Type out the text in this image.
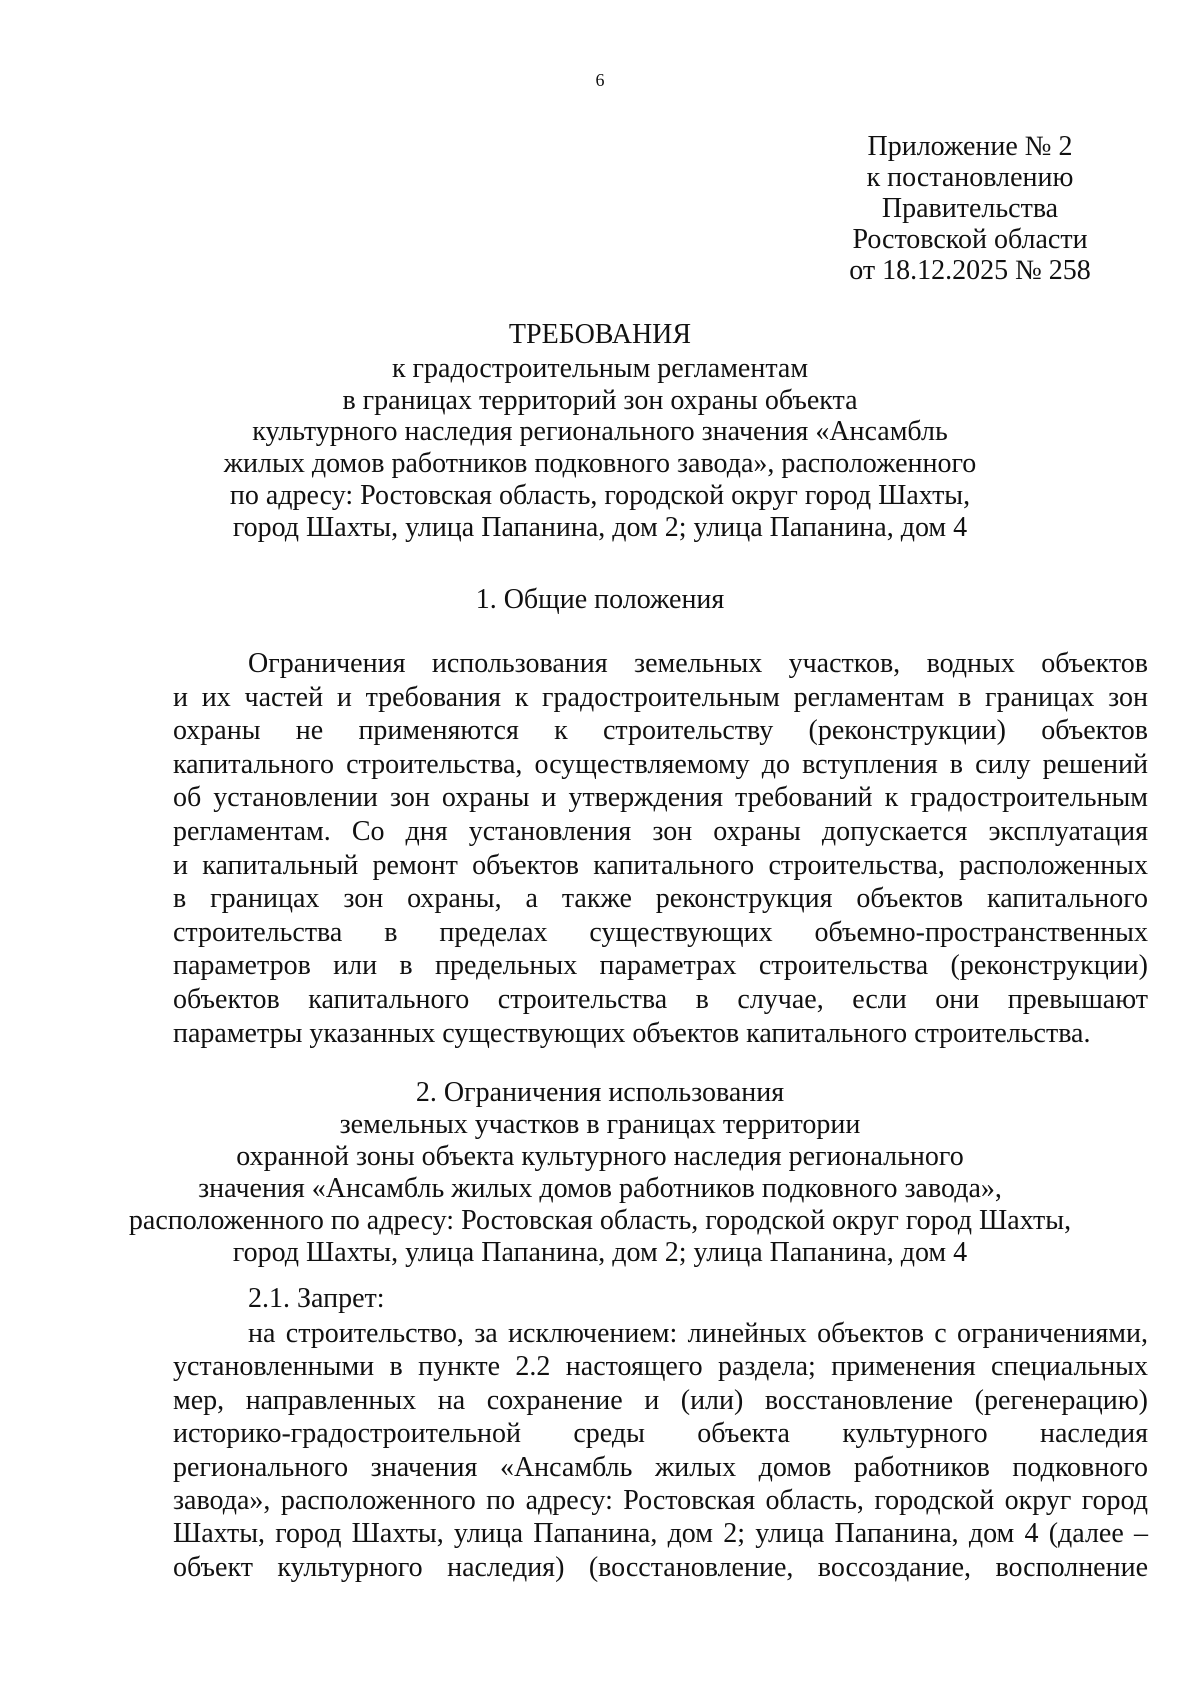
6
Приложение № 2
к постановлению
Правительства
Ростовской области
от 18.12.2025 № 258
ТРЕБОВАНИЯ
к градостроительным регламентам
в границах территорий зон охраны объекта
культурного наследия регионального значения «Ансамбль
жилых домов работников подковного завода», расположенного
по адресу: Ростовская область, городской округ город Шахты,
город Шахты, улица Папанина, дом 2; улица Папанина, дом 4
1. Общие положения
Ограничения использования земельных участков, водных объектов
и их частей и требования к градостроительным регламентам в границах зон
охраны не применяются к строительству (реконструкции) объектов
капитального строительства, осуществляемому до вступления в силу решений
об установлении зон охраны и утверждения требований к градостроительным
регламентам. Со дня установления зон охраны допускается эксплуатация
и капитальный ремонт объектов капитального строительства, расположенных
в границах зон охраны, а также реконструкция объектов капитального
строительства в пределах существующих объемно-пространственных
параметров или в предельных параметрах строительства (реконструкции)
объектов капитального строительства в случае, если они превышают
параметры указанных существующих объектов капитального строительства.
2. Ограничения использования
земельных участков в границах территории
охранной зоны объекта культурного наследия регионального
значения «Ансамбль жилых домов работников подковного завода»,
расположенного по адресу: Ростовская область, городской округ город Шахты,
город Шахты, улица Папанина, дом 2; улица Папанина, дом 4
2.1. Запрет:
на строительство, за исключением: линейных объектов с ограничениями,
установленными в пункте 2.2 настоящего раздела; применения специальных
мер, направленных на сохранение и (или) восстановление (регенерацию)
историко-градостроительной среды объекта культурного наследия
регионального значения «Ансамбль жилых домов работников подковного
завода», расположенного по адресу: Ростовская область, городской округ город
Шахты, город Шахты, улица Папанина, дом 2; улица Папанина, дом 4 (далее –
объект культурного наследия) (восстановление, воссоздание, восполнение
